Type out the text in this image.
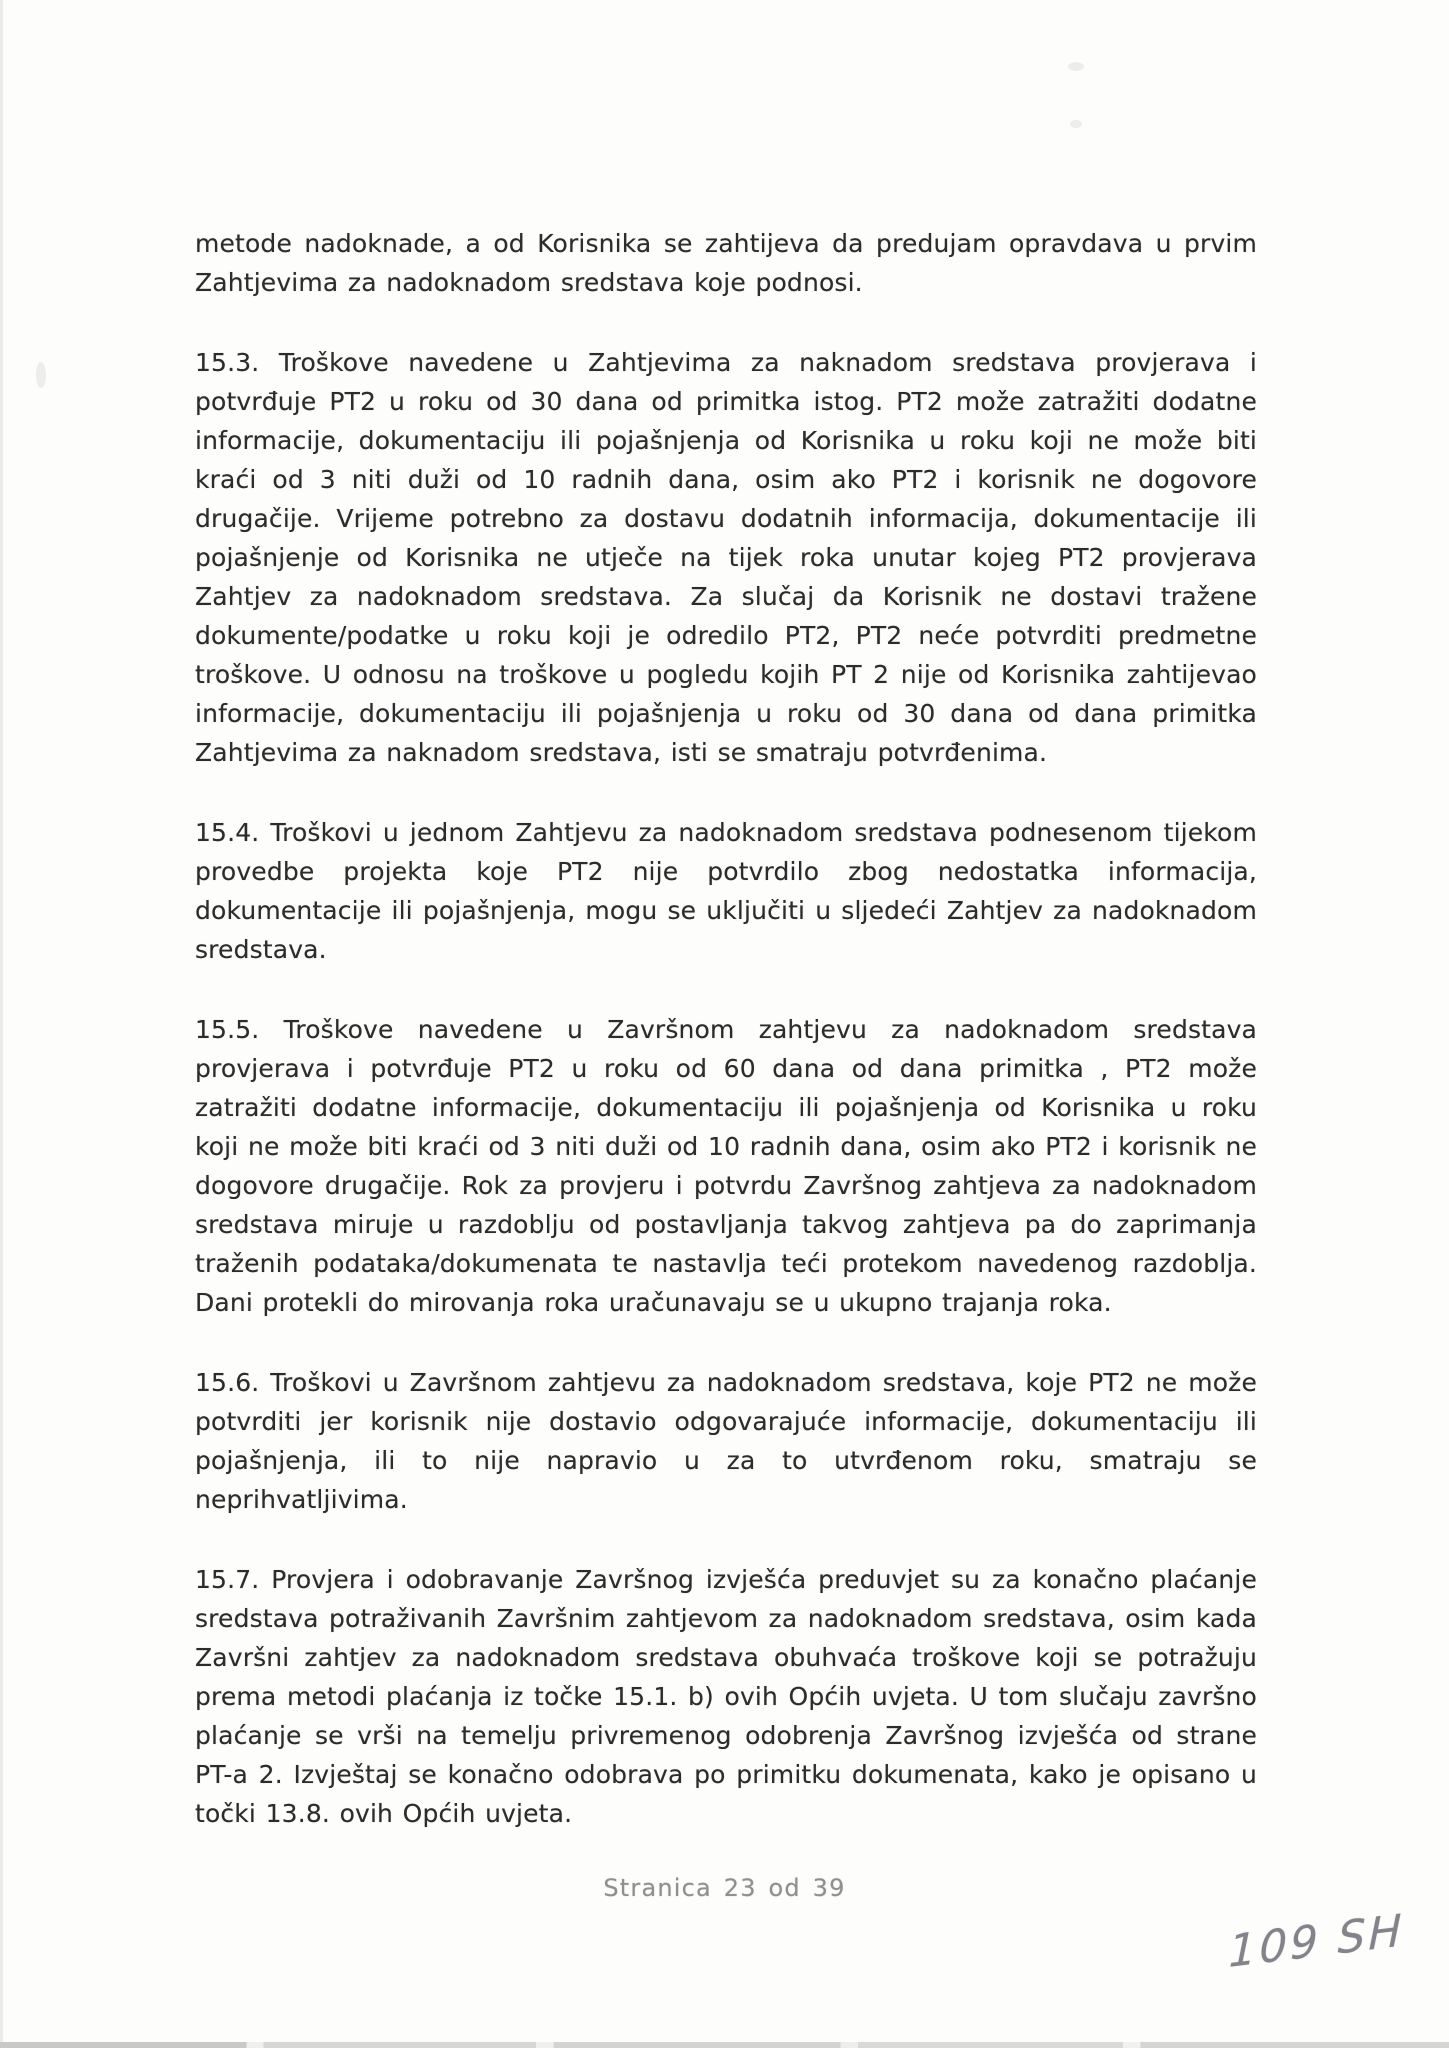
metode nadoknade, a od Korisnika se zahtijeva da predujam opravdava u prvim Zahtjevima za nadoknadom sredstava koje podnosi.

15.3. Troškove navedene u Zahtjevima za naknadom sredstava provjerava i potvrđuje PT2 u roku od 30 dana od primitka istog. PT2 može zatražiti dodatne informacije, dokumentaciju ili pojašnjenja od Korisnika u roku koji ne može biti kraći od 3 niti duži od 10 radnih dana, osim ako PT2 i korisnik ne dogovore drugačije. Vrijeme potrebno za dostavu dodatnih informacija, dokumentacije ili pojašnjenje od Korisnika ne utječe na tijek roka unutar kojeg PT2 provjerava Zahtjev za nadoknadom sredstava. Za slučaj da Korisnik ne dostavi tražene dokumente/podatke u roku koji je odredilo PT2, PT2 neće potvrditi predmetne troškove. U odnosu na troškove u pogledu kojih PT 2 nije od Korisnika zahtijevao informacije, dokumentaciju ili pojašnjenja u roku od 30 dana od dana primitka Zahtjevima za naknadom sredstava, isti se smatraju potvrđenima.

15.4. Troškovi u jednom Zahtjevu za nadoknadom sredstava podnesenom tijekom provedbe projekta koje PT2 nije potvrdilo zbog nedostatka informacija, dokumentacije ili pojašnjenja, mogu se uključiti u sljedeći Zahtjev za nadoknadom sredstava.

15.5. Troškove navedene u Završnom zahtjevu za nadoknadom sredstava provjerava i potvrđuje PT2 u roku od 60 dana od dana primitka , PT2 može zatražiti dodatne informacije, dokumentaciju ili pojašnjenja od Korisnika u roku koji ne može biti kraći od 3 niti duži od 10 radnih dana, osim ako PT2 i korisnik ne dogovore drugačije. Rok za provjeru i potvrdu Završnog zahtjeva za nadoknadom sredstava miruje u razdoblju od postavljanja takvog zahtjeva pa do zaprimanja traženih podataka/dokumenata te nastavlja teći protekom navedenog razdoblja. Dani protekli do mirovanja roka uračunavaju se u ukupno trajanja roka.

15.6. Troškovi u Završnom zahtjevu za nadoknadom sredstava, koje PT2 ne može potvrditi jer korisnik nije dostavio odgovarajuće informacije, dokumentaciju ili pojašnjenja, ili to nije napravio u za to utvrđenom roku, smatraju se neprihvatljivima.

15.7. Provjera i odobravanje Završnog izvješća preduvjet su za konačno plaćanje sredstava potraživanih Završnim zahtjevom za nadoknadom sredstava, osim kada Završni zahtjev za nadoknadom sredstava obuhvaća troškove koji se potražuju prema metodi plaćanja iz točke 15.1. b) ovih Općih uvjeta. U tom slučaju završno plaćanje se vrši na temelju privremenog odobrenja Završnog izvješća od strane PT-a 2. Izvještaj se konačno odobrava po primitku dokumenata, kako je opisano u točki 13.8. ovih Općih uvjeta.

Stranica 23 od 39
109 SH
